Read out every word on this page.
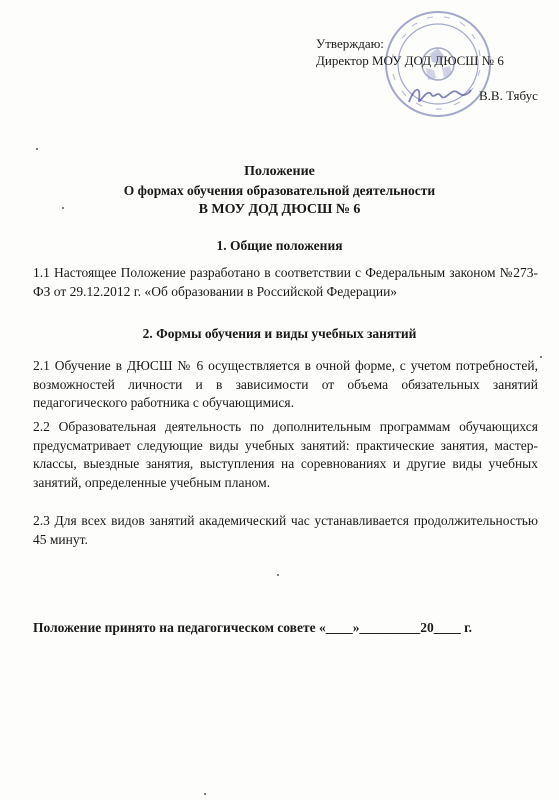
Утверждаю:
Директор МОУ ДОД ДЮСШ № 6
В.В. Тябус
Положение
О формах обучения образовательной деятельности
В МОУ ДОД ДЮСШ № 6
1. Общие положения
1.1 Настоящее Положение разработано в соответствии с Федеральным законом №273-ФЗ от 29.12.2012 г. «Об образовании в Российской Федерации»
2. Формы обучения и виды учебных занятий
2.1 Обучение в ДЮСШ № 6 осуществляется в очной форме, с учетом потребностей, возможностей личности и в зависимости от объема обязательных занятий педагогического работника с обучающимися.
2.2 Образовательная деятельность по дополнительным программам обучающихся предусматривает следующие виды учебных занятий: практические занятия, мастер-классы, выездные занятия, выступления на соревнованиях и другие виды учебных занятий, определенные учебным планом.
2.3 Для всех видов занятий академический час устанавливается продолжительностью 45 минут.
Положение принято на педагогическом совете «____»_________20____ г.
